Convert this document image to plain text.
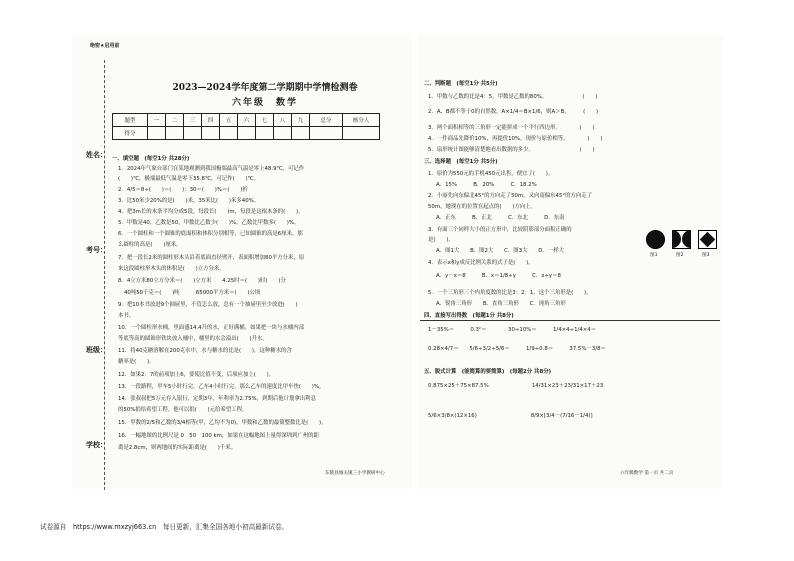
绝密★启用前
姓名：
考号：
班级：
学校：
2023—2024学年度第二学期期中学情检测卷
六年级　数学
题型	一	二	三	四	五	六	七	八	九	总分	核分人
得分											
一、填空题　(每空1分 共28分)
1．2024年气象台部门在某地观测到我国极端最高气温是零上48.9℃，可记作
(　　)℃，极端最低气温是零下35.8℃，可记作(　　)℃。
2．4/5＝8÷(　　)＝(　　)：30＝(　　)%＝(　　)折
3．比50米少20%的是(　　)米，35米比(　　)米多40%。
4．把3m长的木条平均分成5段，每段长(　　)m，每段是这根木条的(　　)。
5．甲数是40，乙数是50，甲数比乙数少(　　)%，乙数比甲数多(　　)%。
6．一个圆柱和一个圆锥的底面积和体积分别相等，已知圆锥的高是6厘米，那
么圆柱的高是(　　)厘米。
7．把一段长2米的圆柱形木头沿着底面直径劈开，表面积增加80平方分米，原
来这段圆柱形木头的体积是(　　)立方分米。
8．4立方米80立方分米＝(　　)立方米　　4.25时＝(　　)时(　　)分
40吨50千克＝(　　)吨　　　65000平方米＝(　　)公顷
9．把10本书放进9个抽屉里，不管怎么放，总有一个抽屉里至少放进(　　)
本书。
10．一个圆柱形水桶，里面盛14.4升的水，正好满桶。如果把一块与水桶内部
等底等高的圆锥形铁块放入桶中，桶里的水会溢出(　　)升水。
11．将40克糖溶解在200克水中，水与糖水的比是(　　)，这种糖水的含
糖率是(　　)。
12．如果2：7的前项加上6，要使比值不变，后项应加上(　　)。
13．一段路程，甲车5小时行完，乙车4小时行完，那么乙车的速度比甲车快(　　)%。
14．张叔叔把5万元存入银行，定期3年，年利率为2.75%，到期后他计划拿出利息
的50%捐给希望工程。他可以捐(　　)元给希望工程。
15．甲数的2/5和乙数的3/4相等(甲，乙均不为0)，甲数和乙数的最简整数比是(　　)。
16．一幅地图的比例尺是 0　50　100 km，如果在这幅地图上量得深圳到广州的距
离是2.8cm，则两地间的实际距离是(　　)千米。
东陂县城关镇三小学教研中心
二、判断题　(每空1分 共5分)
1．甲数与乙数的比是4：5，甲数是乙数的80%。　　　　　　　(　　)
2．A、B都不等于0的自然数，A×1/4＝B×1/6，则A＞B。　　　(　　)
3．两个面积相等的三角形一定能拼成一个平行四边形。　　　　(　　)
4．一件商品先降价10%，再提价10%，现价与原价相等。　　　　(　　)
5．扇形统计图能够清楚地看出数据的多少。　　　　　　　　　(　　)
三、选择题　(每空1分 共5分)
1．原价为550元的手机450元出售，便宜了(　　)。
A．15%　　　B．20%　　　C．18.2%
2．小丽先向东偏北45°的方向走了50m，又向南偏东45°的方向走了
50m，她现在的位置在起点的(　　)方向上。
A．正东　　　B．正北　　　C．东北　　　D．东南
3．有面三个同样大小的正方形中，比较阴影部分面积正确的
是(　　)。
A．图1大　　B．图2大　　C．图3大　　D．一样大
图1	图2	图3
4．表示x和y成反比例关系的式子是(　　)。
A．y－x＝8　　　B．x＝1/8÷y　　　C．x÷y＝8
5．一个三角形三个内角度数的比是3：2：1，这个三角形是(　　)。
A．锐角三角形　　B．直角三角形　　C．钝角三角形
四、直接写出得数　(每题1分 共8分)
1－35%＝　　　0.3²＝　　　　30÷10%＝　　　1/4×4÷1/4×4＝
0.28×4/7＝　　5/6÷3/2÷5/6＝　　　1/9÷0.8＝　　　37.5%－3/8＝
五、脱式计算　(能简算的要简算)　(每题2分 共8分)
0.875×25＋75×87.5%　　　　　　　　14/31×23＋23/31×17＋23
5/6×3/8×(12×16)　　　　　　　　　　8/9×[3/4－(7/16－1/4)]
六年级数学 第一页 共二页
试卷源自　https://www.mxzyj663.cn　每日更新，汇集全国各地小初高最新试卷。
